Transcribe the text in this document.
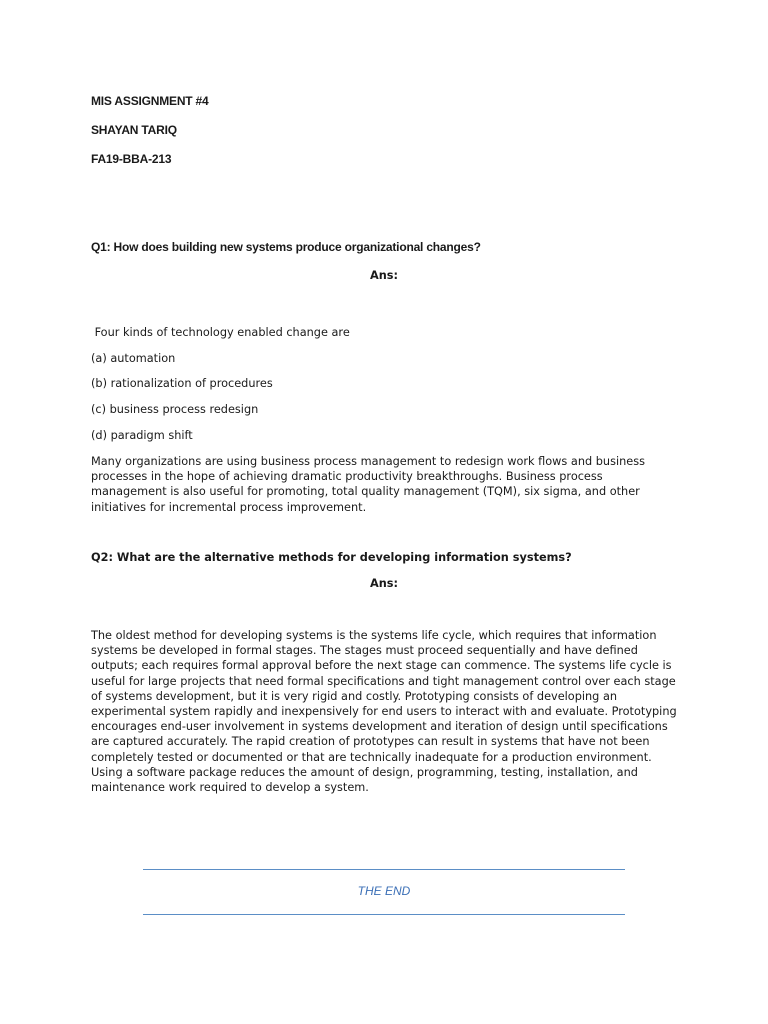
MIS ASSIGNMENT #4
SHAYAN TARIQ
FA19-BBA-213
Q1: How does building new systems produce organizational changes?
Ans:
Four kinds of technology enabled change are
(a) automation
(b) rationalization of procedures
(c) business process redesign
(d) paradigm shift
Many organizations are using business process management to redesign work flows and business
processes in the hope of achieving dramatic productivity breakthroughs. Business process
management is also useful for promoting, total quality management (TQM), six sigma, and other
initiatives for incremental process improvement.
Q2: What are the alternative methods for developing information systems?
Ans:
The oldest method for developing systems is the systems life cycle, which requires that information
systems be developed in formal stages. The stages must proceed sequentially and have defined
outputs; each requires formal approval before the next stage can commence. The systems life cycle is
useful for large projects that need formal specifications and tight management control over each stage
of systems development, but it is very rigid and costly. Prototyping consists of developing an
experimental system rapidly and inexpensively for end users to interact with and evaluate. Prototyping
encourages end-user involvement in systems development and iteration of design until specifications
are captured accurately. The rapid creation of prototypes can result in systems that have not been
completely tested or documented or that are technically inadequate for a production environment.
Using a software package reduces the amount of design, programming, testing, installation, and
maintenance work required to develop a system.
THE END
